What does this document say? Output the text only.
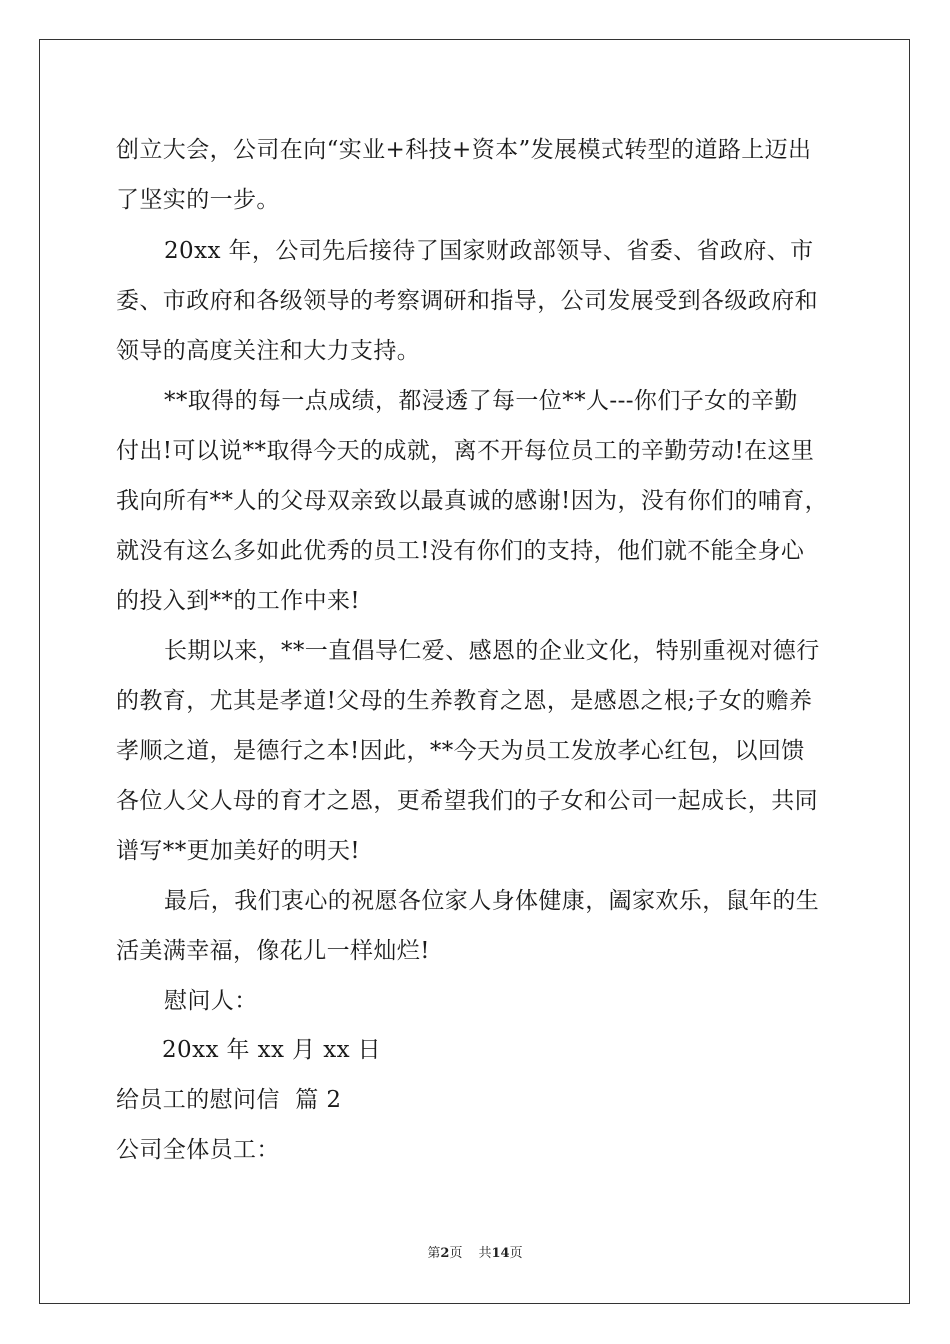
创立大会，公司在向“实业+科技+资本”发展模式转型的道路上迈出
了坚实的一步。
20xx 年，公司先后接待了国家财政部领导、省委、省政府、市
委、市政府和各级领导的考察调研和指导，公司发展受到各级政府和
领导的高度关注和大力支持。
**取得的每一点成绩，都浸透了每一位**人---你们子女的辛勤
付出!可以说**取得今天的成就，离不开每位员工的辛勤劳动!在这里
我向所有**人的父母双亲致以最真诚的感谢!因为，没有你们的哺育，
就没有这么多如此优秀的员工!没有你们的支持，他们就不能全身心
的投入到**的工作中来!
长期以来，**一直倡导仁爱、感恩的企业文化，特别重视对德行
的教育，尤其是孝道!父母的生养教育之恩，是感恩之根;子女的赡养
孝顺之道，是德行之本!因此，**今天为员工发放孝心红包，以回馈
各位人父人母的育才之恩，更希望我们的子女和公司一起成长，共同
谱写**更加美好的明天!
最后，我们衷心的祝愿各位家人身体健康，阖家欢乐，鼠年的生
活美满幸福，像花儿一样灿烂!
慰问人：
20xx 年 xx 月 xx 日
给员工的慰问信  篇 2
公司全体员工：
第2页 共14页
